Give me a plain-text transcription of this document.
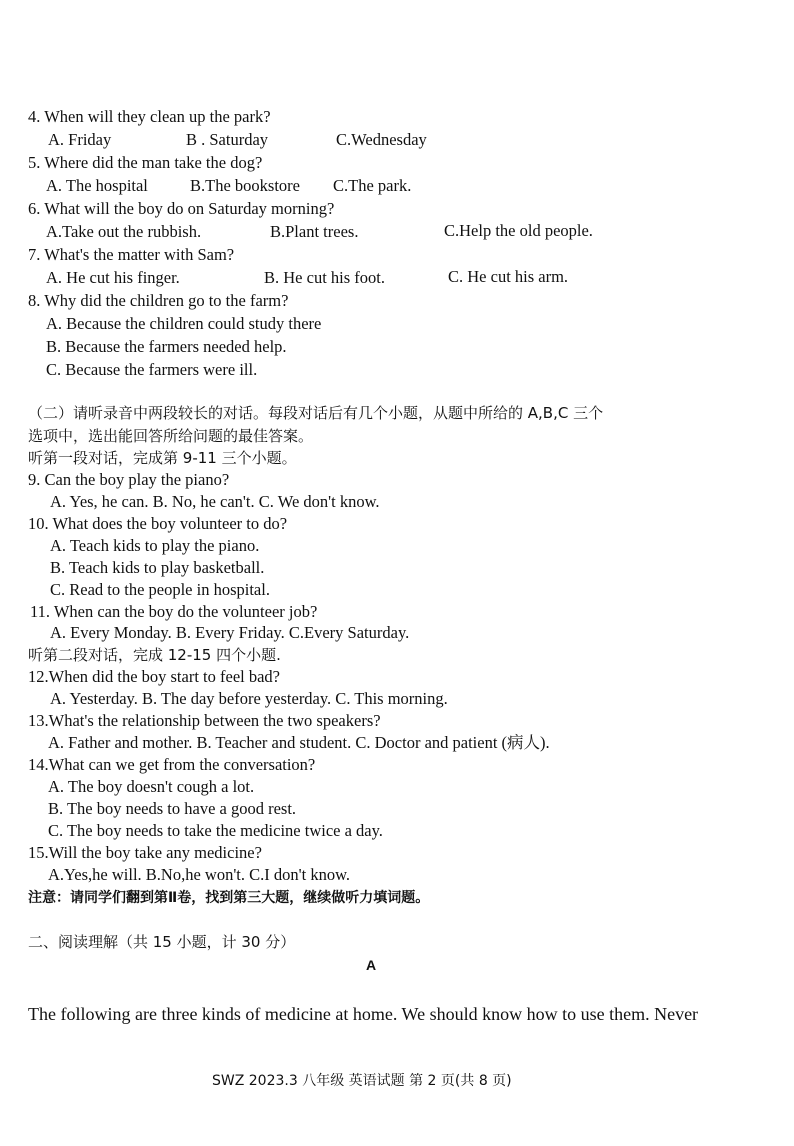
4. When will they clean up the park?
A. Friday	B . Saturday	C.Wednesday
5. Where did the man take the dog?
A. The hospital	B.The bookstore C.The park.
6. What will the boy do on Saturday morning?
A.Take out the rubbish.	B.Plant trees.	C.Help the old people.
7. What's the matter with Sam?
A. He cut his finger.	B. He cut his foot.	C. He cut his arm.
8. Why did the children go to the farm?
A. Because the children could study there
B. Because the farmers needed help.
C. Because the farmers were ill.
（二）请听录音中两段较长的对话。每段对话后有几个小题，从题中所给的 A,B,C 三个
选项中，选出能回答所给问题的最佳答案。
听第一段对话，完成第 9-11 三个小题。
9. Can the boy play the piano?
A. Yes, he can. B. No, he can't. C. We don't know.
10. What does the boy volunteer to do?
A. Teach kids to play the piano.
B. Teach kids to play basketball.
C. Read to the people in hospital.
11. When can the boy do the volunteer job?
A. Every Monday. B. Every Friday. C.Every Saturday.
听第二段对话，完成 12-15 四个小题.
12.When did the boy start to feel bad?
A. Yesterday. B. The day before yesterday. C. This morning.
13.What's the relationship between the two speakers?
A. Father and mother. B. Teacher and student. C. Doctor and patient (病人).
14.What can we get from the conversation?
A. The boy doesn't cough a lot.
B. The boy needs to have a good rest.
C. The boy needs to take the medicine twice a day.
15.Will the boy take any medicine?
A.Yes,he will. B.No,he won't. C.I don't know.
注意：请同学们翻到第Ⅱ卷，找到第三大题，继续做听力填词题。
二、阅读理解（共 15 小题，计 30 分）
A
The following are three kinds of medicine at home. We should know how to use them. Never
SWZ 2023.3 八年级 英语试题 第 2 页(共 8 页)
